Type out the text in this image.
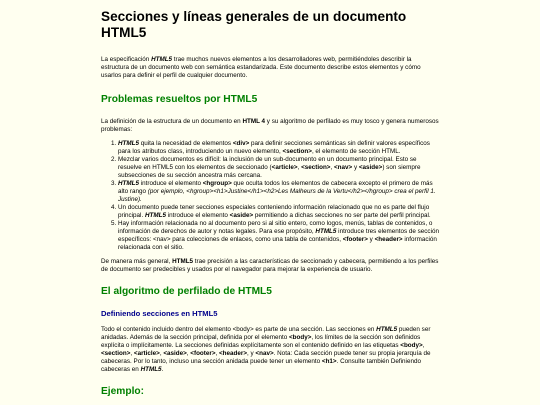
Secciones y líneas generales de un documento HTML5

La especificación HTML5 trae muchos nuevos elementos a los desarrolladores web, permitiéndoles describir la estructura de un documento web con semántica estandarizada. Este documento describe estos elementos y cómo usarlos para definir el perfil de cualquier documento.

Problemas resueltos por HTML5

La definición de la estructura de un documento en HTML 4 y su algoritmo de perfilado es muy tosco y genera numerosos problemas:

1. HTML5 quita la necesidad de elementos <div> para definir secciones semánticas sin definir valores específicos para los atributos class, introduciendo un nuevo elemento, <section>, el elemento de sección HTML.
2. Mezclar varios documentos es difícil: la inclusión de un sub-documento en un documento principal. Esto se resuelve en HTML5 con los elementos de seccionado (<article>, <section>, <nav> y <aside>) son siempre subsecciones de su sección ancestra más cercana.
3. HTML5 introduce el elemento <hgroup> que oculta todos los elementos de cabecera excepto el primero de más alto rango (por ejemplo, <hgroup><h1>Justine</h1><h2>Les Malheurs de la Vertu</h2></hgroup> crea el perfil 1. Justine).
4. Un documento puede tener secciones especiales conteniendo información relacionado que no es parte del flujo principal. HTML5 introduce el elemento <aside> permitiendo a dichas secciones no ser parte del perfil principal.
5. Hay información relacionada no al documento pero si al sitio entero, como logos, menús, tablas de contenidos, o información de derechos de autor y notas legales. Para ese propósito, HTML5 introduce tres elementos de sección específicos: <nav> para colecciones de enlaces, como una tabla de contenidos, <footer> y <header> información relacionada con el sitio.

De manera más general, HTML5 trae precisión a las características de seccionado y cabecera, permitiendo a los perfiles de documento ser predecibles y usados por el navegador para mejorar la experiencia de usuario.

El algoritmo de perfilado de HTML5
Definiendo secciones en HTML5

Todo el contenido incluido dentro del elemento <body> es parte de una sección. Las secciones en HTML5 pueden ser anidadas. Además de la sección principal, definida por el elemento <body>, los límites de la sección son definidos explícita o implícitamente. La secciones definidas explícitamente son el contenido definido en las etiquetas <body>, <section>, <article>, <aside>, <footer>, <header>, y <nav>. Nota: Cada sección puede tener su propia jerarquía de cabeceras. Por lo tanto, incluso una sección anidada puede tener un elemento <h1>. Consulte también Definiendo cabeceras en HTML5.

Ejemplo:
